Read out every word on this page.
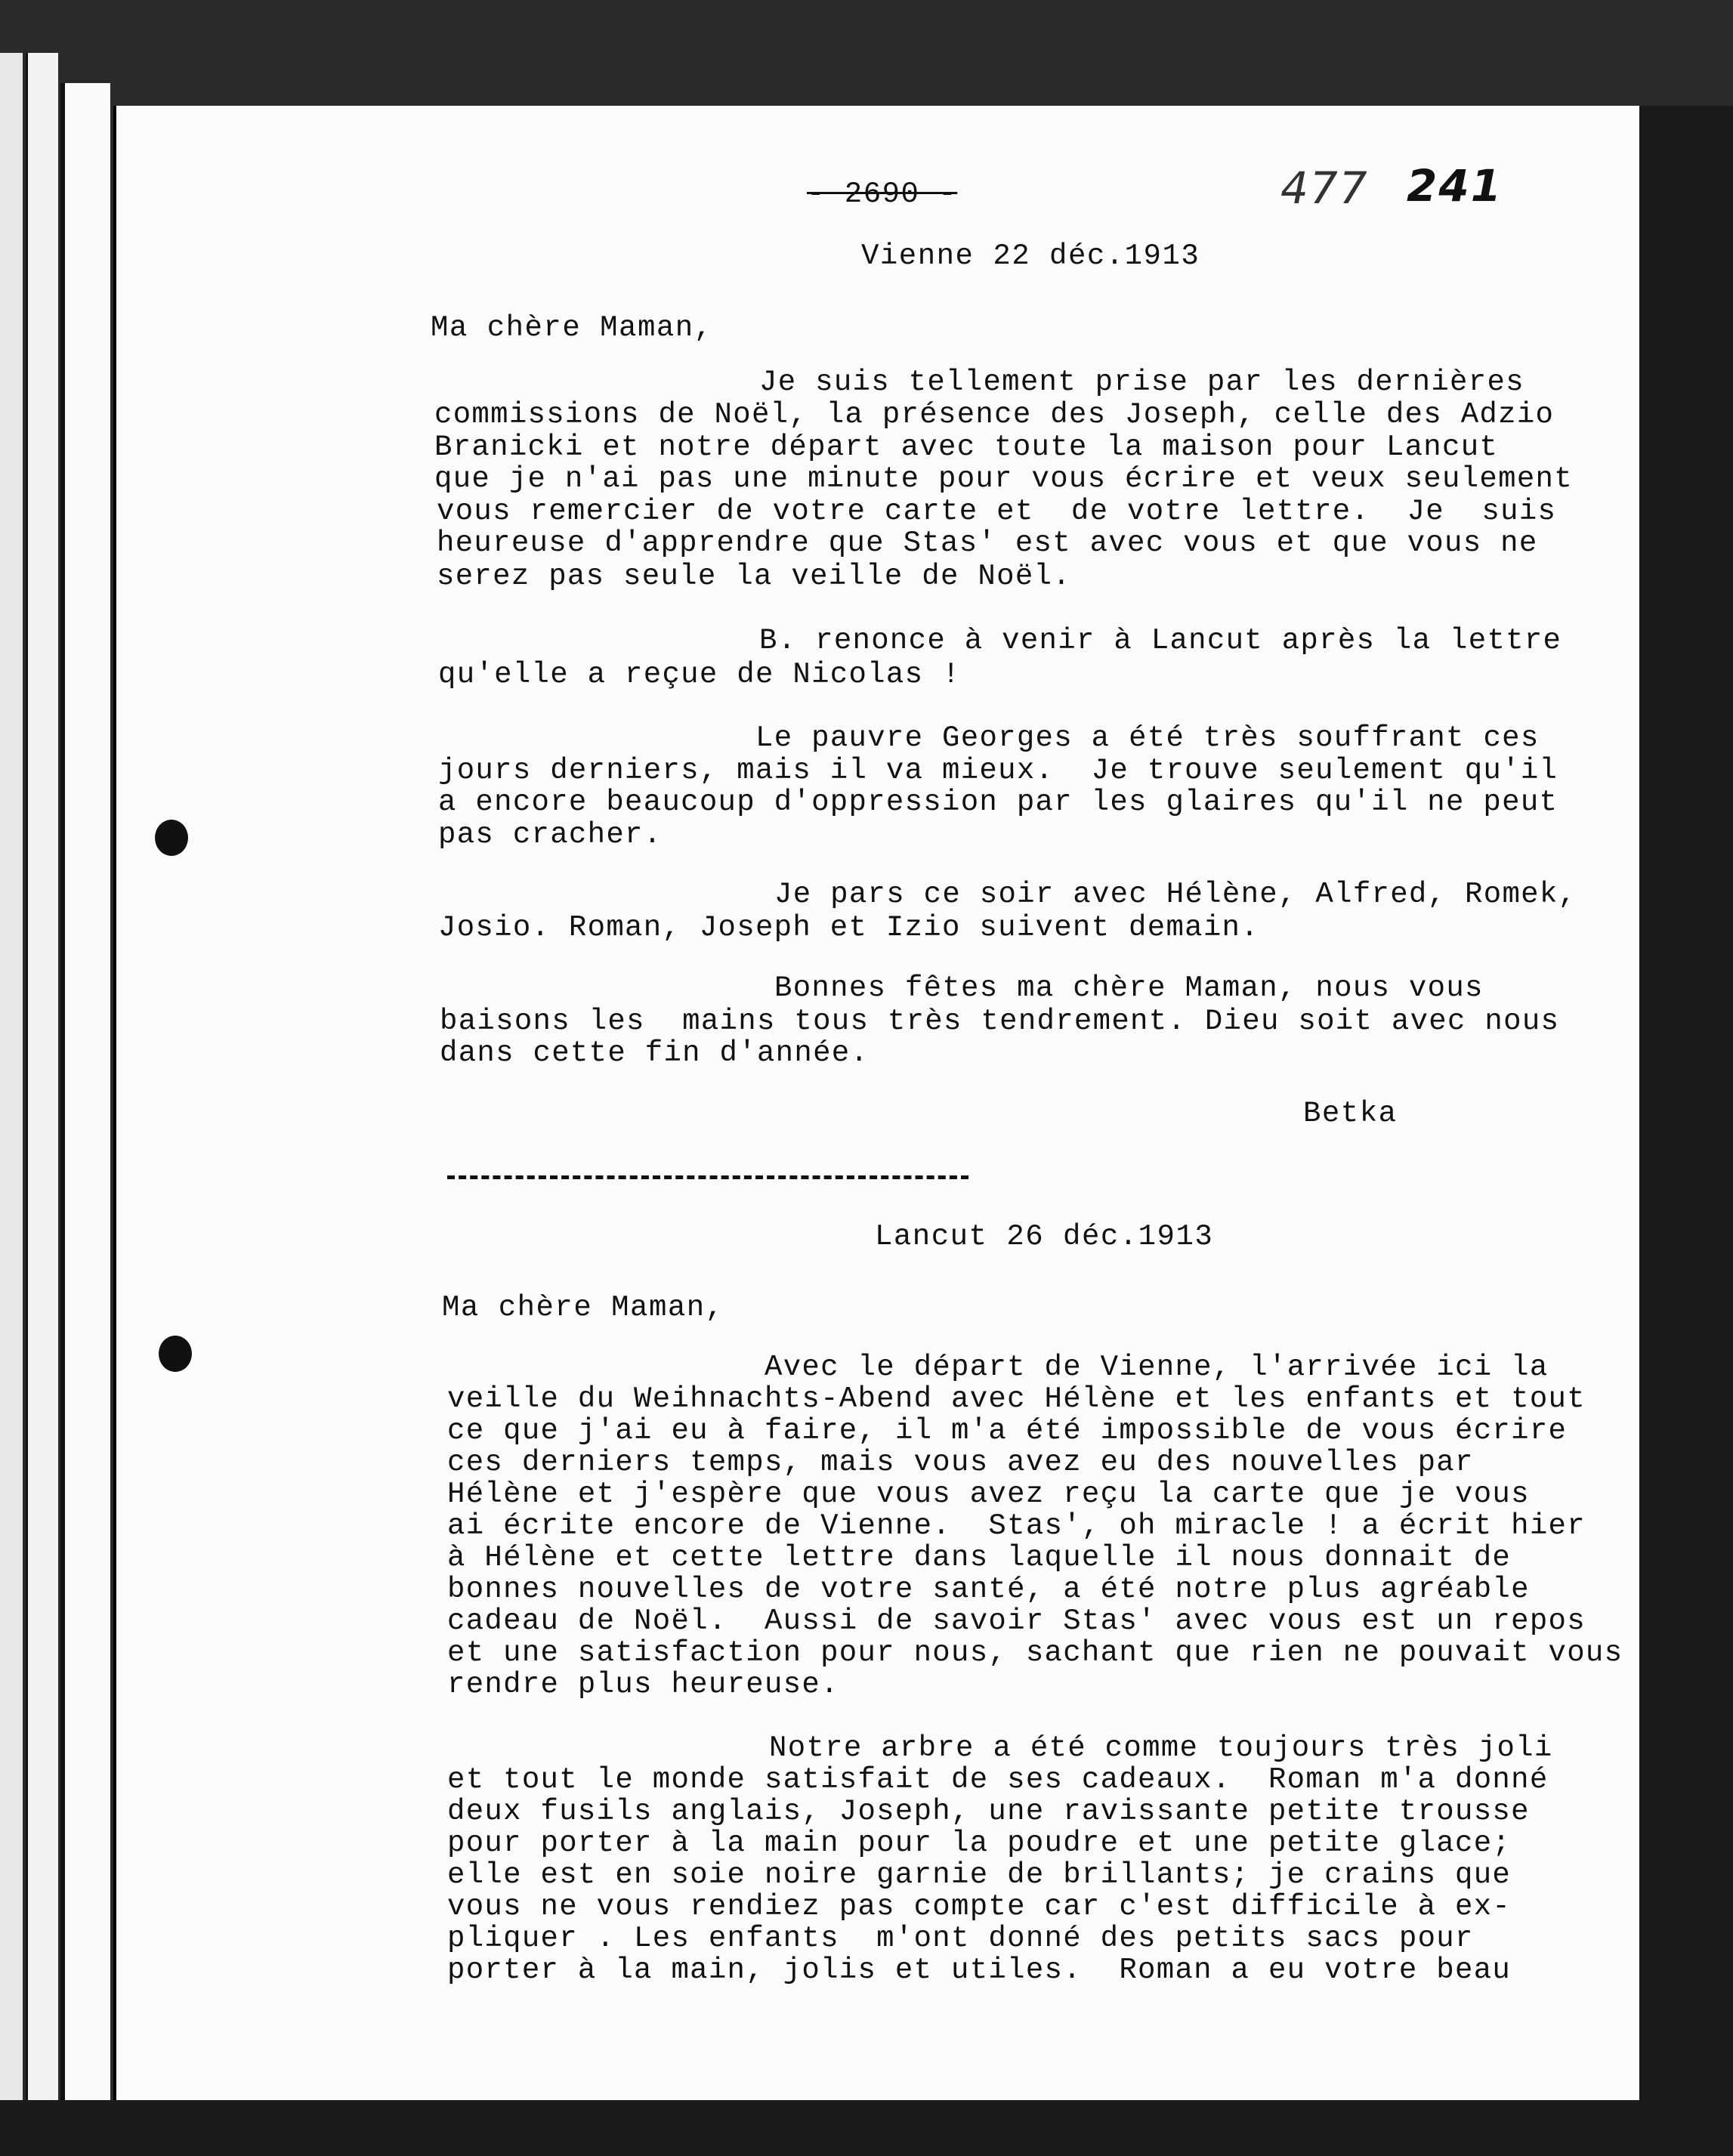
- 2690 -	477 241
Vienne 22 déc.1913
Ma chère Maman,
Je suis tellement prise par les dernières
commissions de Noël, la présence des Joseph, celle des Adzio
Branicki et notre départ avec toute la maison pour Lancut
que je n'ai pas une minute pour vous écrire et veux seulement
vous remercier de votre carte et  de votre lettre.  Je  suis
heureuse d'apprendre que Stas' est avec vous et que vous ne
serez pas seule la veille de Noël.
B. renonce à venir à Lancut après la lettre
qu'elle a reçue de Nicolas !
Le pauvre Georges a été très souffrant ces
jours derniers, mais il va mieux.  Je trouve seulement qu'il
a encore beaucoup d'oppression par les glaires qu'il ne peut
pas cracher.
Je pars ce soir avec Hélène, Alfred, Romek,
Josio. Roman, Joseph et Izio suivent demain.
Bonnes fêtes ma chère Maman, nous vous
baisons les  mains tous très tendrement. Dieu soit avec nous
dans cette fin d'année.
Betka
Lancut 26 déc.1913
Ma chère Maman,
Avec le départ de Vienne, l'arrivée ici la
veille du Weihnachts-Abend avec Hélène et les enfants et tout
ce que j'ai eu à faire, il m'a été impossible de vous écrire
ces derniers temps, mais vous avez eu des nouvelles par
Hélène et j'espère que vous avez reçu la carte que je vous
ai écrite encore de Vienne.  Stas', oh miracle ! a écrit hier
à Hélène et cette lettre dans laquelle il nous donnait de
bonnes nouvelles de votre santé, a été notre plus agréable
cadeau de Noël.  Aussi de savoir Stas' avec vous est un repos
et une satisfaction pour nous, sachant que rien ne pouvait vous
rendre plus heureuse.
Notre arbre a été comme toujours très joli
et tout le monde satisfait de ses cadeaux.  Roman m'a donné
deux fusils anglais, Joseph, une ravissante petite trousse
pour porter à la main pour la poudre et une petite glace;
elle est en soie noire garnie de brillants; je crains que
vous ne vous rendiez pas compte car c'est difficile à ex-
pliquer . Les enfants  m'ont donné des petits sacs pour
porter à la main, jolis et utiles.  Roman a eu votre beau
